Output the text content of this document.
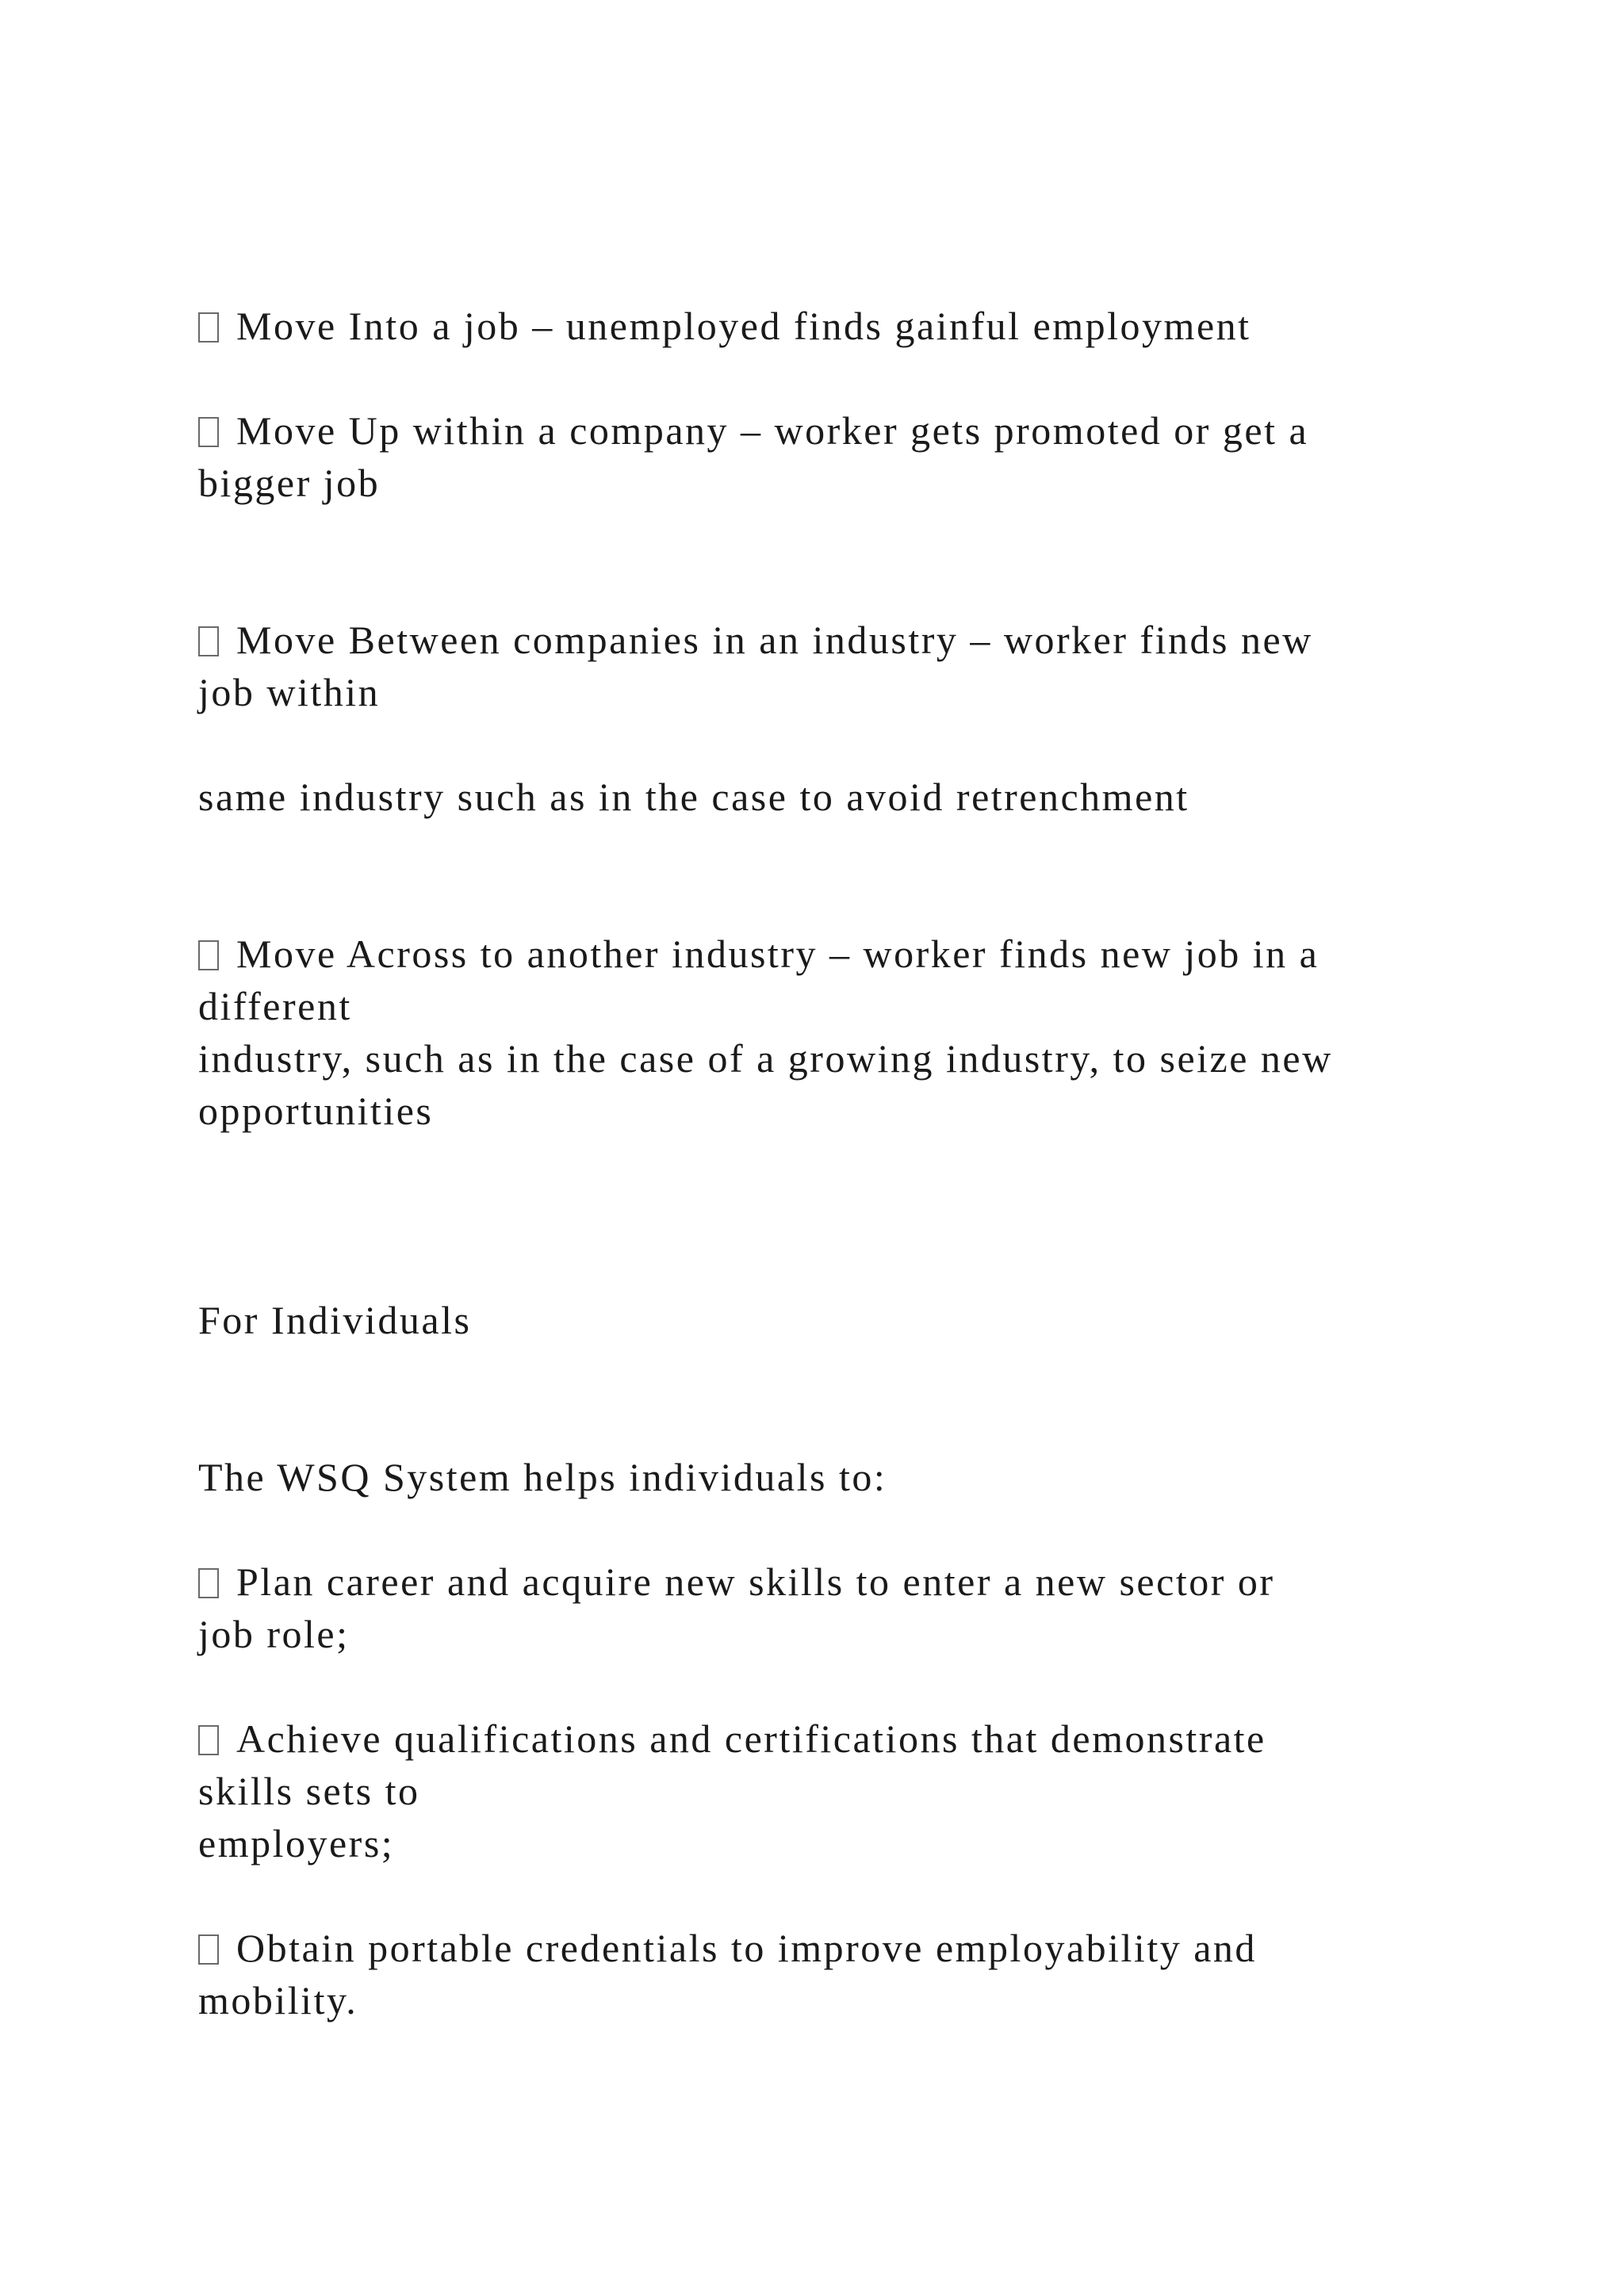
Move Into a job – unemployed finds gainful employment
Move Up within a company – worker gets promoted or get a
bigger job
Move Between companies in an industry – worker finds new
job within
same industry such as in the case to avoid retrenchment
Move Across to another industry – worker finds new job in a
different
industry, such as in the case of a growing industry, to seize new
opportunities
For Individuals
The WSQ System helps individuals to:
Plan career and acquire new skills to enter a new sector or
job role;
Achieve qualifications and certifications that demonstrate
skills sets to
employers;
Obtain portable credentials to improve employability and
mobility.
